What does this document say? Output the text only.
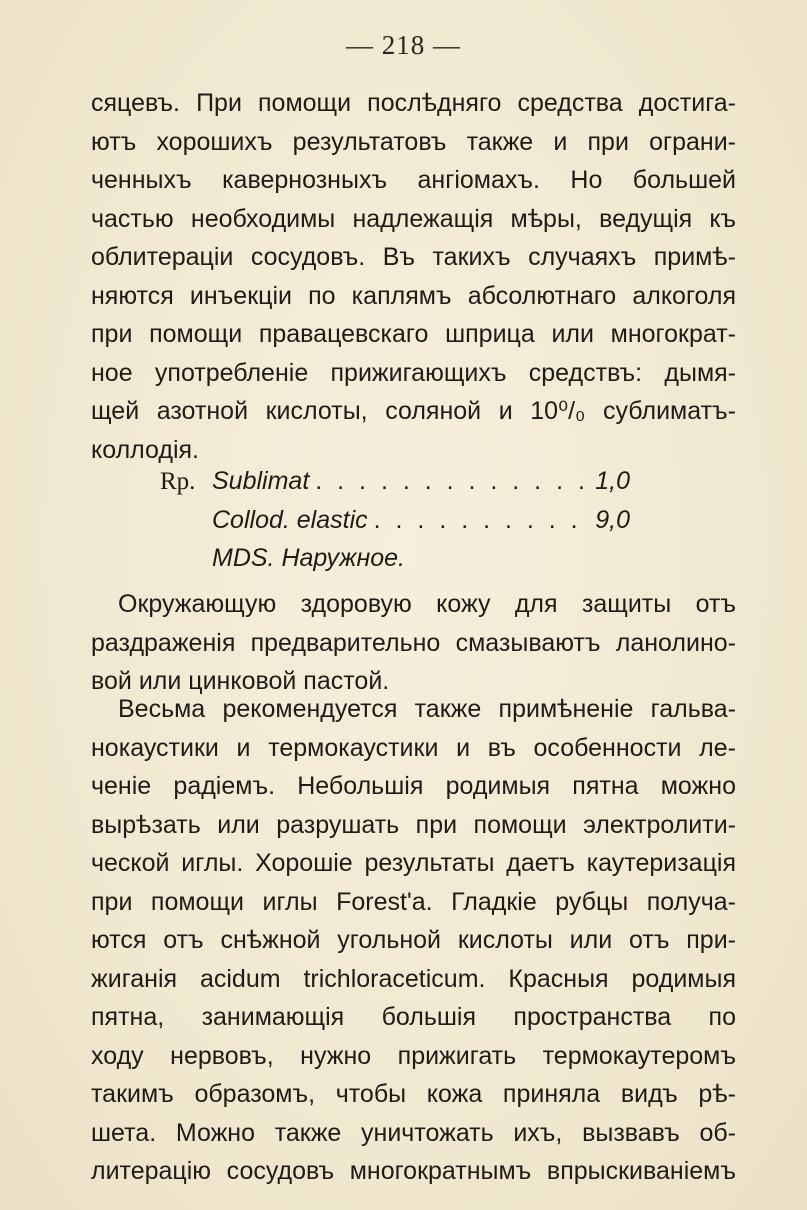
— 218 —
сяцевъ. При помощи послѣдняго средства достига-
ютъ хорошихъ результатовъ также и при ограни-
ченныхъ кавернозныхъ ангіомахъ. Но большей
частью необходимы надлежащія мѣры, ведущія къ
облитераціи сосудовъ. Въ такихъ случаяхъ примѣ-
няются инъекціи по каплямъ абсолютнаго алкоголя
при помощи правацевскаго шприца или многократ-
ное употребленіе прижигающихъ средствъ: дымя-
щей азотной кислоты, соляной и 10⁰/₀ сублиматъ-
коллодія.
Rp. Sublimat . . .	1,0
Collod. elastic . . .	9,0
MDS. Наружное.
Окружающую здоровую кожу для защиты отъ
раздраженія предварительно смазываютъ ланолино-
вой или цинковой пастой.
Весьма рекомендуется также примѣненіе гальва-
нокаустики и термокаустики и въ особенности ле-
ченіе радіемъ. Небольшія родимыя пятна можно
вырѣзать или разрушать при помощи электролити-
ческой иглы. Хорошіе результаты даетъ каутеризація
при помощи иглы Forest'а. Гладкіе рубцы получа-
ются отъ снѣжной угольной кислоты или отъ при-
жиганія acidum trichloraceticum. Красныя родимыя
пятна, занимающія большія пространства по
ходу нервовъ, нужно прижигать термокаутеромъ
такимъ образомъ, чтобы кожа приняла видъ рѣ-
шета. Можно также уничтожать ихъ, вызвавъ об-
литерацію сосудовъ многократнымъ впрыскиваніемъ
